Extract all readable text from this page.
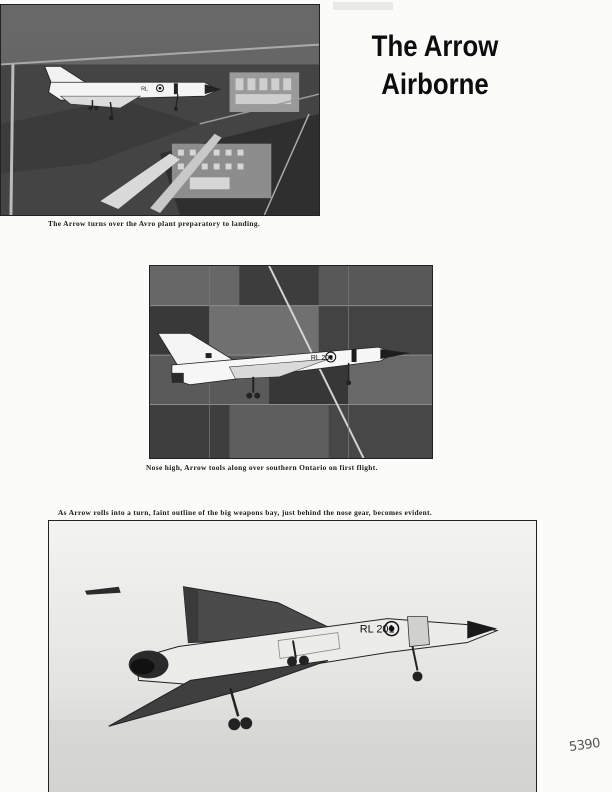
The Arrow
Airborne
RL
The Arrow turns over the Avro plant preparatory to landing.
RL 201
Nose high, Arrow tools along over southern Ontario on first flight.
As Arrow rolls into a turn, faint outline of the big weapons bay, just behind the nose gear, becomes evident.
RL 201
5390
